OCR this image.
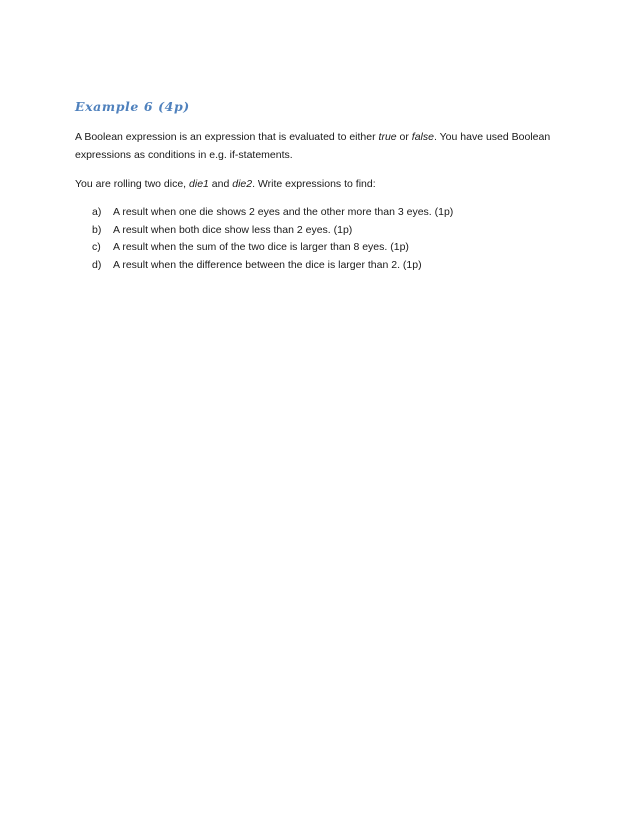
Example 6 (4p)

A Boolean expression is an expression that is evaluated to either true or false. You have used Boolean expressions as conditions in e.g. if-statements.

You are rolling two dice, die1 and die2. Write expressions to find:

a)	A result when one die shows 2 eyes and the other more than 3 eyes. (1p)
b)	A result when both dice show less than 2 eyes. (1p)
c)	A result when the sum of the two dice is larger than 8 eyes. (1p)
d)	A result when the difference between the dice is larger than 2. (1p)
